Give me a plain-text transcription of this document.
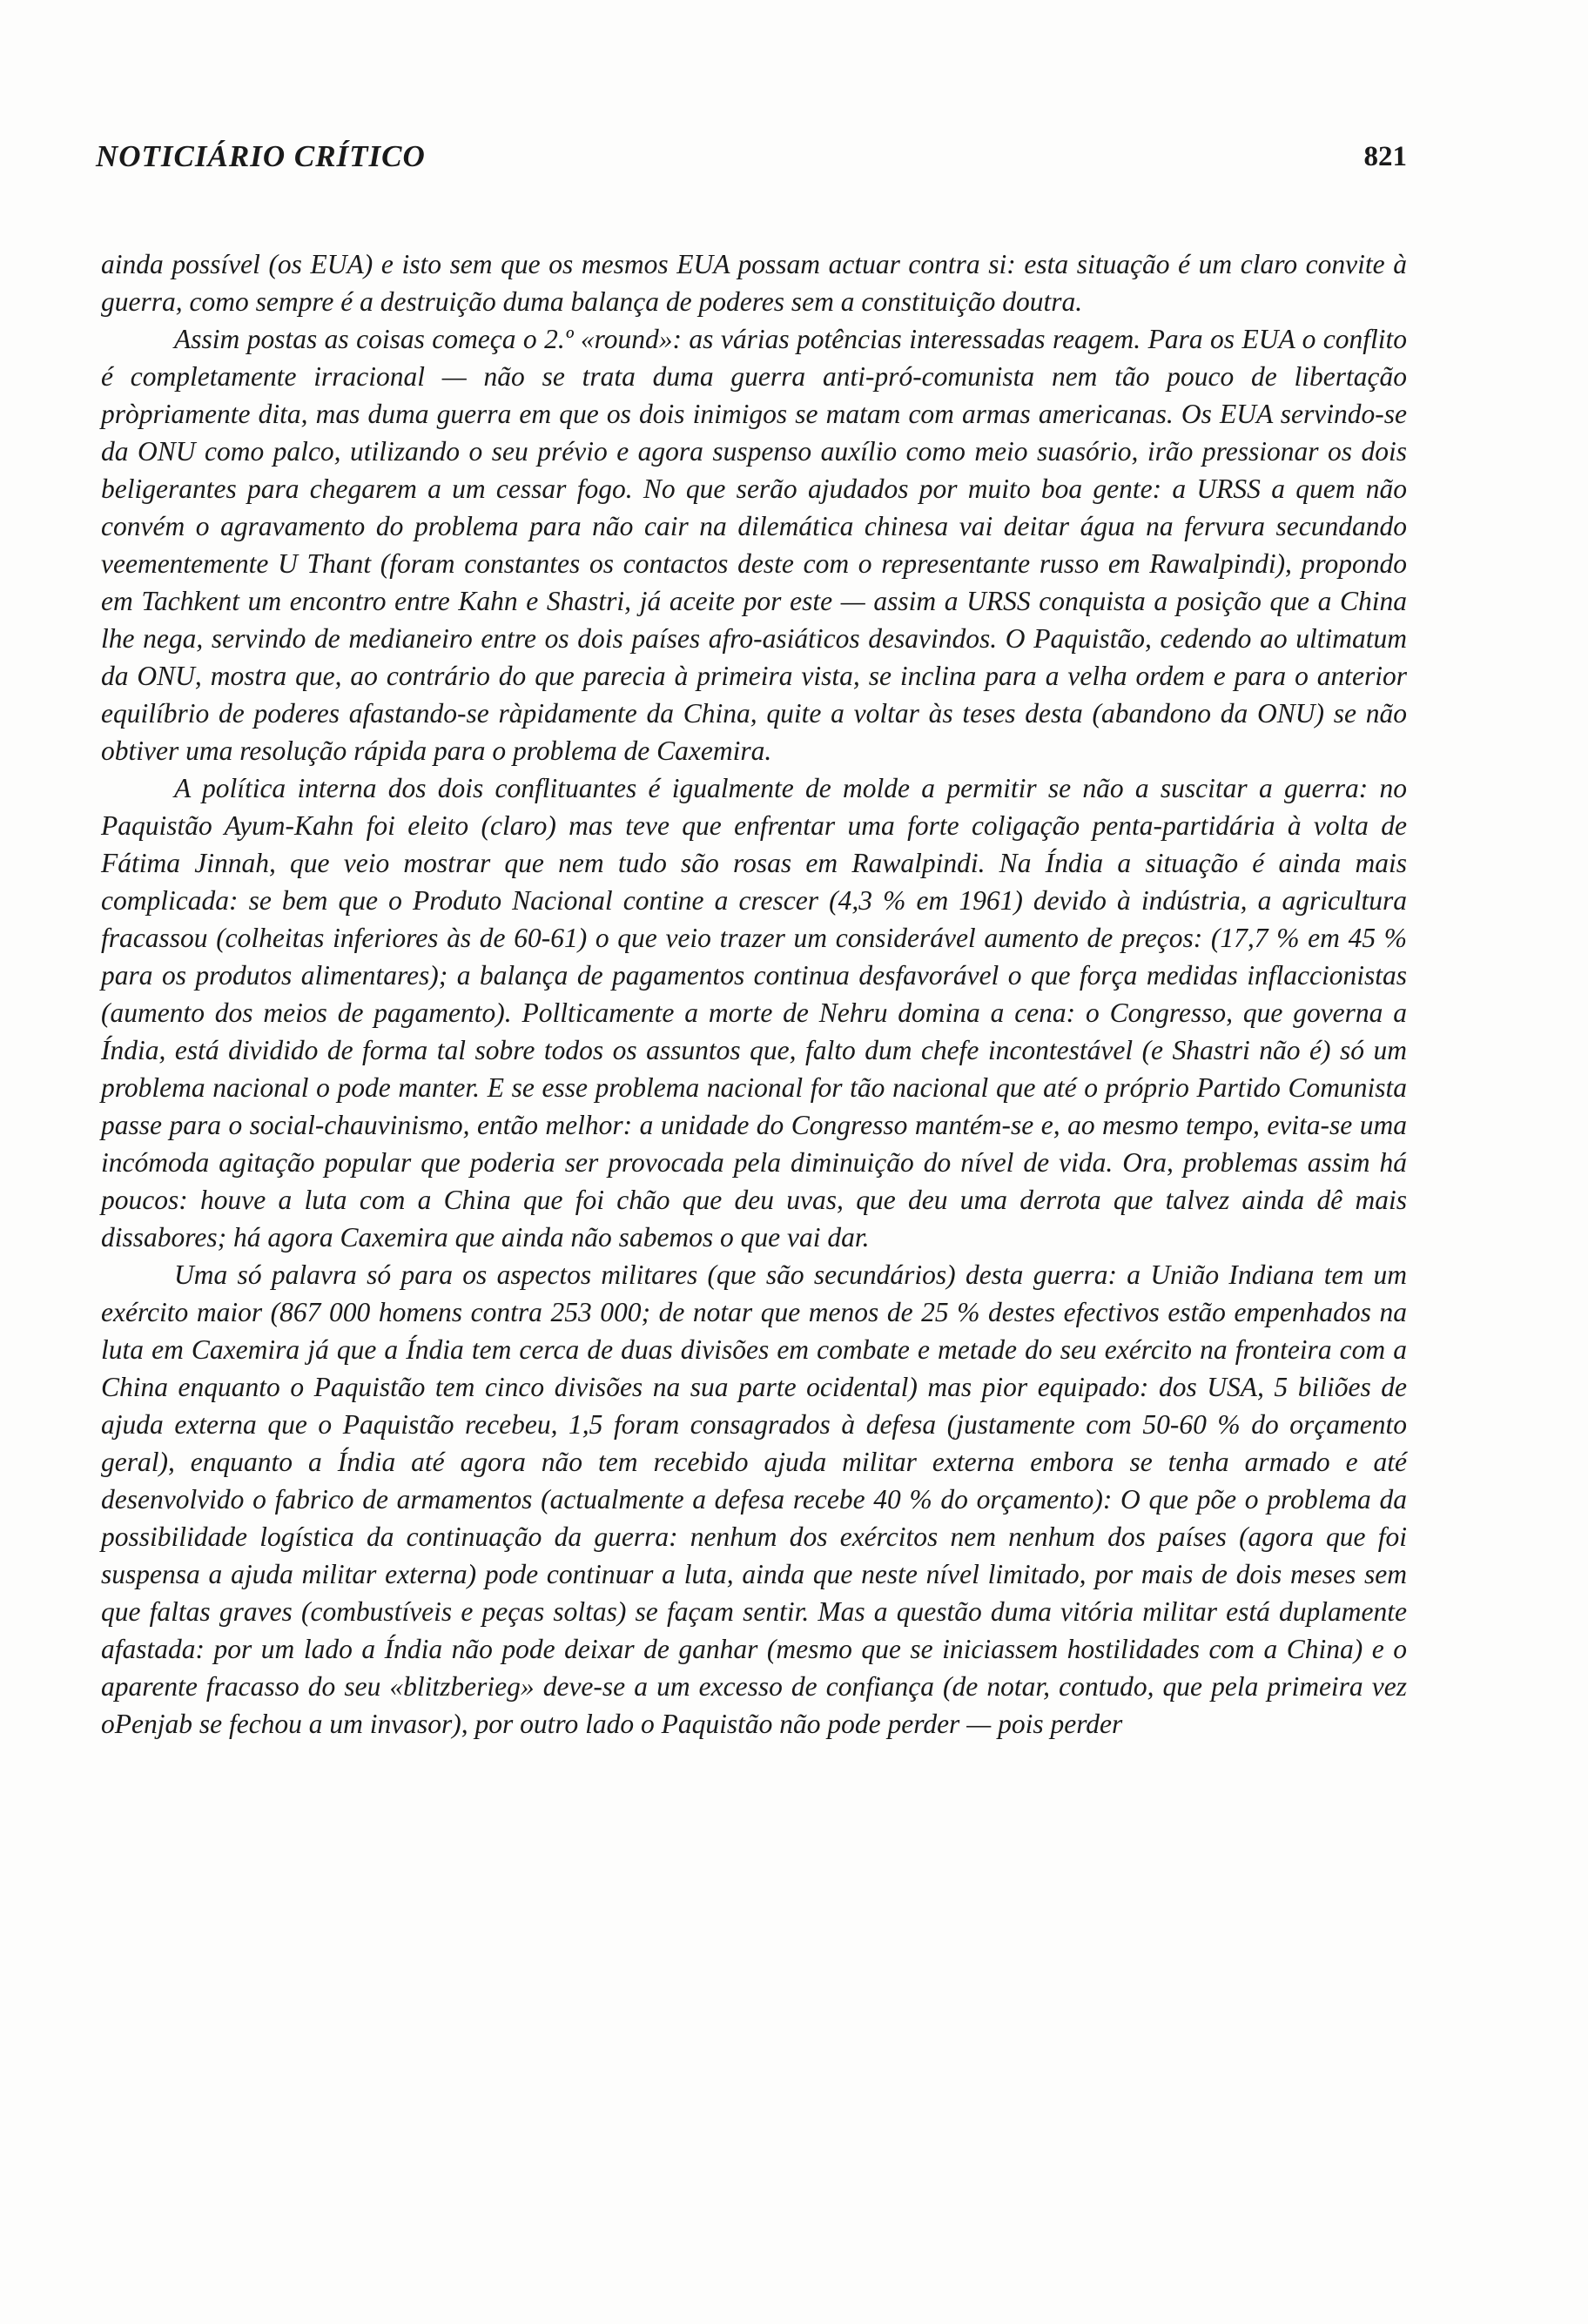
NOTICIÁRIO CRÍTICO	821

ainda possível (os EUA) e isto sem que os mesmos EUA possam actuar contra si: esta situação é um claro convite à guerra, como sempre é a destruição duma balança de poderes sem a constituição doutra.

Assim postas as coisas começa o 2.º «round»: as várias potências interessadas reagem. Para os EUA o conflito é completamente irracional — não se trata duma guerra anti-pró-comunista nem tão pouco de libertação pròpriamente dita, mas duma guerra em que os dois inimigos se matam com armas americanas. Os EUA servindo-se da ONU como palco, utilizando o seu prévio e agora suspenso auxílio como meio suasório, irão pressionar os dois beligerantes para chegarem a um cessar fogo. No que serão ajudados por muito boa gente: a URSS a quem não convém o agravamento do problema para não cair na dilemática chinesa vai deitar água na fervura secundando veementemente U Thant (foram constantes os contactos deste com o representante russo em Rawalpindi), propondo em Tachkent um encontro entre Kahn e Shastri, já aceite por este — assim a URSS conquista a posição que a China lhe nega, servindo de medianeiro entre os dois países afro-asiáticos desavindos. O Paquistão, cedendo ao ultimatum da ONU, mostra que, ao contrário do que parecia à primeira vista, se inclina para a velha ordem e para o anterior equilíbrio de poderes afastando-se ràpidamente da China, quite a voltar às teses desta (abandono da ONU) se não obtiver uma resolução rápida para o problema de Caxemira.

A política interna dos dois conflituantes é igualmente de molde a permitir se não a suscitar a guerra: no Paquistão Ayum-Kahn foi eleito (claro) mas teve que enfrentar uma forte coligação penta-partidária à volta de Fátima Jinnah, que veio mostrar que nem tudo são rosas em Rawalpindi. Na Índia a situação é ainda mais complicada: se bem que o Produto Nacional contine a crescer (4,3 % em 1961) devido à indústria, a agricultura fracassou (colheitas inferiores às de 60-61) o que veio trazer um considerável aumento de preços: (17,7 % em 45 % para os produtos alimentares); a balança de pagamentos continua desfavorável o que força medidas inflaccionistas (aumento dos meios de pagamento). Pollticamente a morte de Nehru domina a cena: o Congresso, que governa a Índia, está dividido de forma tal sobre todos os assuntos que, falto dum chefe incontestável (e Shastri não é) só um problema nacional o pode manter. E se esse problema nacional for tão nacional que até o próprio Partido Comunista passe para o social-chauvinismo, então melhor: a unidade do Congresso mantém-se e, ao mesmo tempo, evita-se uma incómoda agitação popular que poderia ser provocada pela diminuição do nível de vida. Ora, problemas assim há poucos: houve a luta com a China que foi chão que deu uvas, que deu uma derrota que talvez ainda dê mais dissabores; há agora Caxemira que ainda não sabemos o que vai dar.

Uma só palavra só para os aspectos militares (que são secundários) desta guerra: a União Indiana tem um exército maior (867 000 homens contra 253 000; de notar que menos de 25 % destes efectivos estão empenhados na luta em Caxemira já que a Índia tem cerca de duas divisões em combate e metade do seu exército na fronteira com a China enquanto o Paquistão tem cinco divisões na sua parte ocidental) mas pior equipado: dos USA, 5 biliões de ajuda externa que o Paquistão recebeu, 1,5 foram consagrados à defesa (justamente com 50-60 % do orçamento geral), enquanto a Índia até agora não tem recebido ajuda militar externa embora se tenha armado e até desenvolvido o fabrico de armamentos (actualmente a defesa recebe 40 % do orçamento): O que põe o problema da possibilidade logística da continuação da guerra: nenhum dos exércitos nem nenhum dos países (agora que foi suspensa a ajuda militar externa) pode continuar a luta, ainda que neste nível limitado, por mais de dois meses sem que faltas graves (combustíveis e peças soltas) se façam sentir. Mas a questão duma vitória militar está duplamente afastada: por um lado a Índia não pode deixar de ganhar (mesmo que se iniciassem hostilidades com a China) e o aparente fracasso do seu «blitzberieg» deve-se a um excesso de confiança (de notar, contudo, que pela primeira vez oPenjab se fechou a um invasor), por outro lado o Paquistão não pode perder — pois perder
